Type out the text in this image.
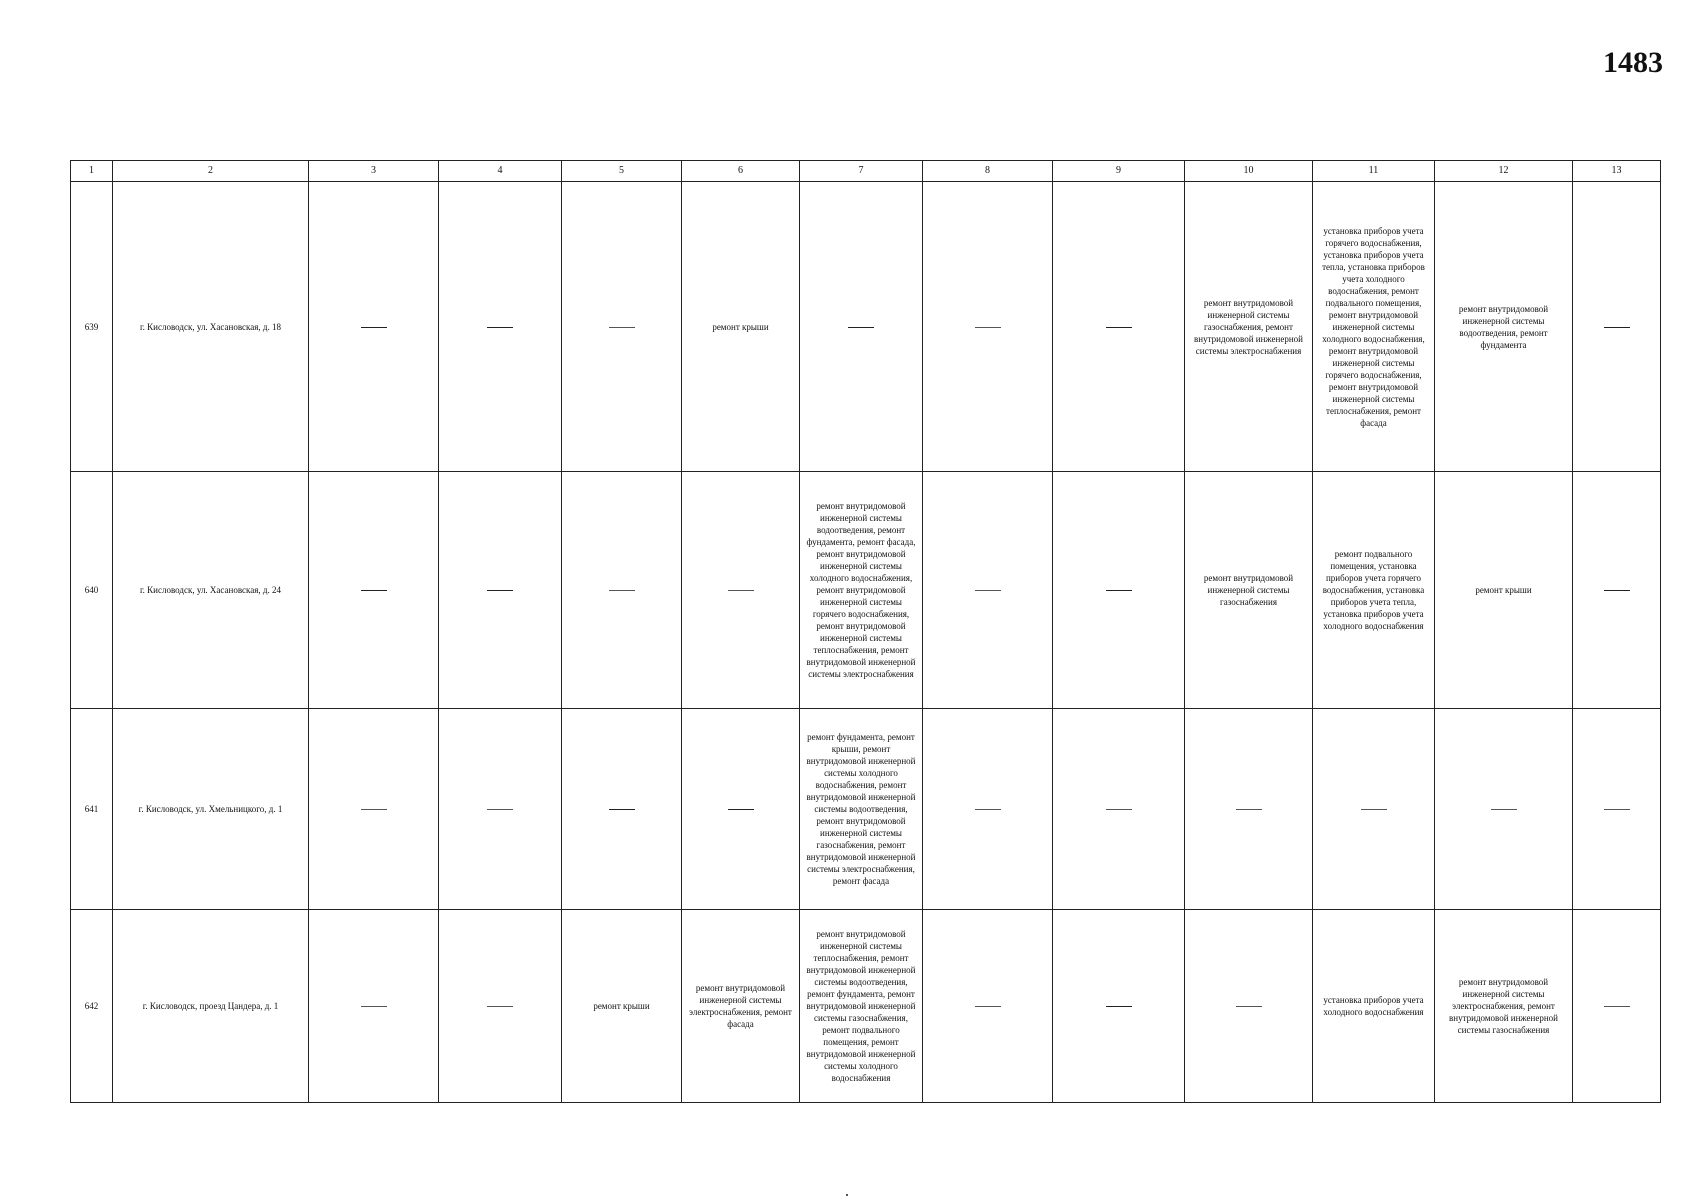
1483
1	2	3	4	5	6	7	8	9	10	11	12	13
639	г. Кисловодск, ул. Хасановская, д. 18				ремонт крыши				ремонт внутридомовой инженерной системы газоснабжения, ремонт внутридомовой инженерной системы электроснабжения	установка приборов учета горячего водоснабжения, установка приборов учета тепла, установка приборов учета холодного водоснабжения, ремонт подвального помещения, ремонт внутридомовой инженерной системы холодного водоснабжения, ремонт внутридомовой инженерной системы горячего водоснабжения, ремонт внутридомовой инженерной системы теплоснабжения, ремонт фасада	ремонт внутридомовой инженерной системы водоотведения, ремонт фундамента	
640	г. Кисловодск, ул. Хасановская, д. 24					ремонт внутридомовой инженерной системы водоотведения, ремонт фундамента, ремонт фасада, ремонт внутридомовой инженерной системы холодного водоснабжения, ремонт внутридомовой инженерной системы горячего водоснабжения, ремонт внутридомовой инженерной системы теплоснабжения, ремонт внутридомовой инженерной системы электроснабжения			ремонт внутридомовой инженерной системы газоснабжения	ремонт подвального помещения, установка приборов учета горячего водоснабжения, установка приборов учета тепла, установка приборов учета холодного водоснабжения	ремонт крыши	
641	г. Кисловодск, ул. Хмельницкого, д. 1					ремонт фундамента, ремонт крыши, ремонт внутридомовой инженерной системы холодного водоснабжения, ремонт внутридомовой инженерной системы водоотведения, ремонт внутридомовой инженерной системы газоснабжения, ремонт внутридомовой инженерной системы электроснабжения, ремонт фасада						
642	г. Кисловодск, проезд Цандера, д. 1			ремонт крыши	ремонт внутридомовой инженерной системы электроснабжения, ремонт фасада	ремонт внутридомовой инженерной системы теплоснабжения, ремонт внутридомовой инженерной системы водоотведения, ремонт фундамента, ремонт внутридомовой инженерной системы газоснабжения, ремонт подвального помещения, ремонт внутридомовой инженерной системы холодного водоснабжения				установка приборов учета холодного водоснабжения	ремонт внутридомовой инженерной системы электроснабжения, ремонт внутридомовой инженерной системы газоснабжения	
